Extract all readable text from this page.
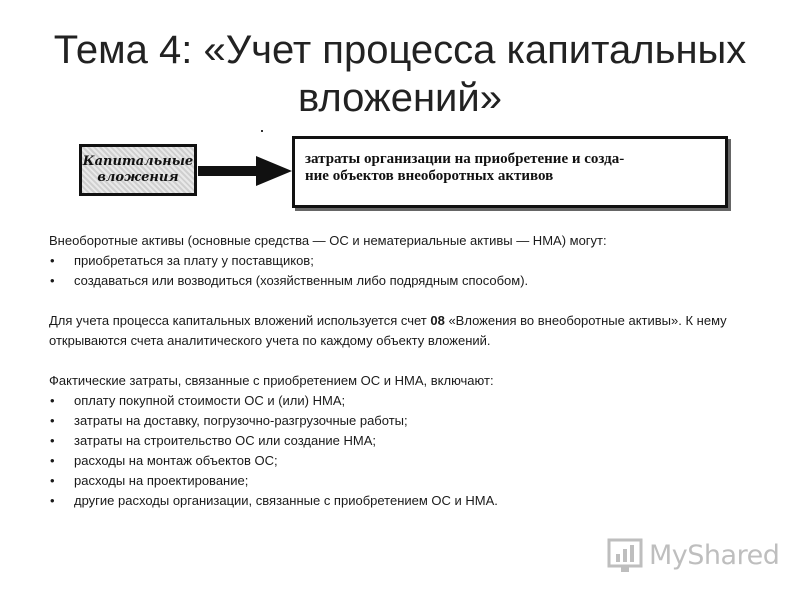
Тема 4: «Учет процесса капитальных
вложений»
Капитальные
вложения
затраты организации на приобретение и созда-
ние объектов внеоборотных активов

Внеоборотные активы (основные средства — ОС и нематериальные активы — НМА) могут:

• приобретаться за плату у поставщиков;
• создаваться или возводиться (хозяйственным либо подрядным способом).

Для учета процесса капитальных вложений используется счет 08 «Вложения во внеоборотные активы». К нему открываются счета аналитического учета по каждому объекту вложений.

Фактические затраты, связанные с приобретением ОС и НМА, включают:

• оплату покупной стоимости ОС и (или) НМА;
• затраты на доставку, погрузочно-разгрузочные работы;
• затраты на строительство ОС или создание НМА;
• расходы на монтаж объектов ОС;
• расходы на проектирование;
• другие расходы организации, связанные с приобретением ОС и НМА.
MyShared
